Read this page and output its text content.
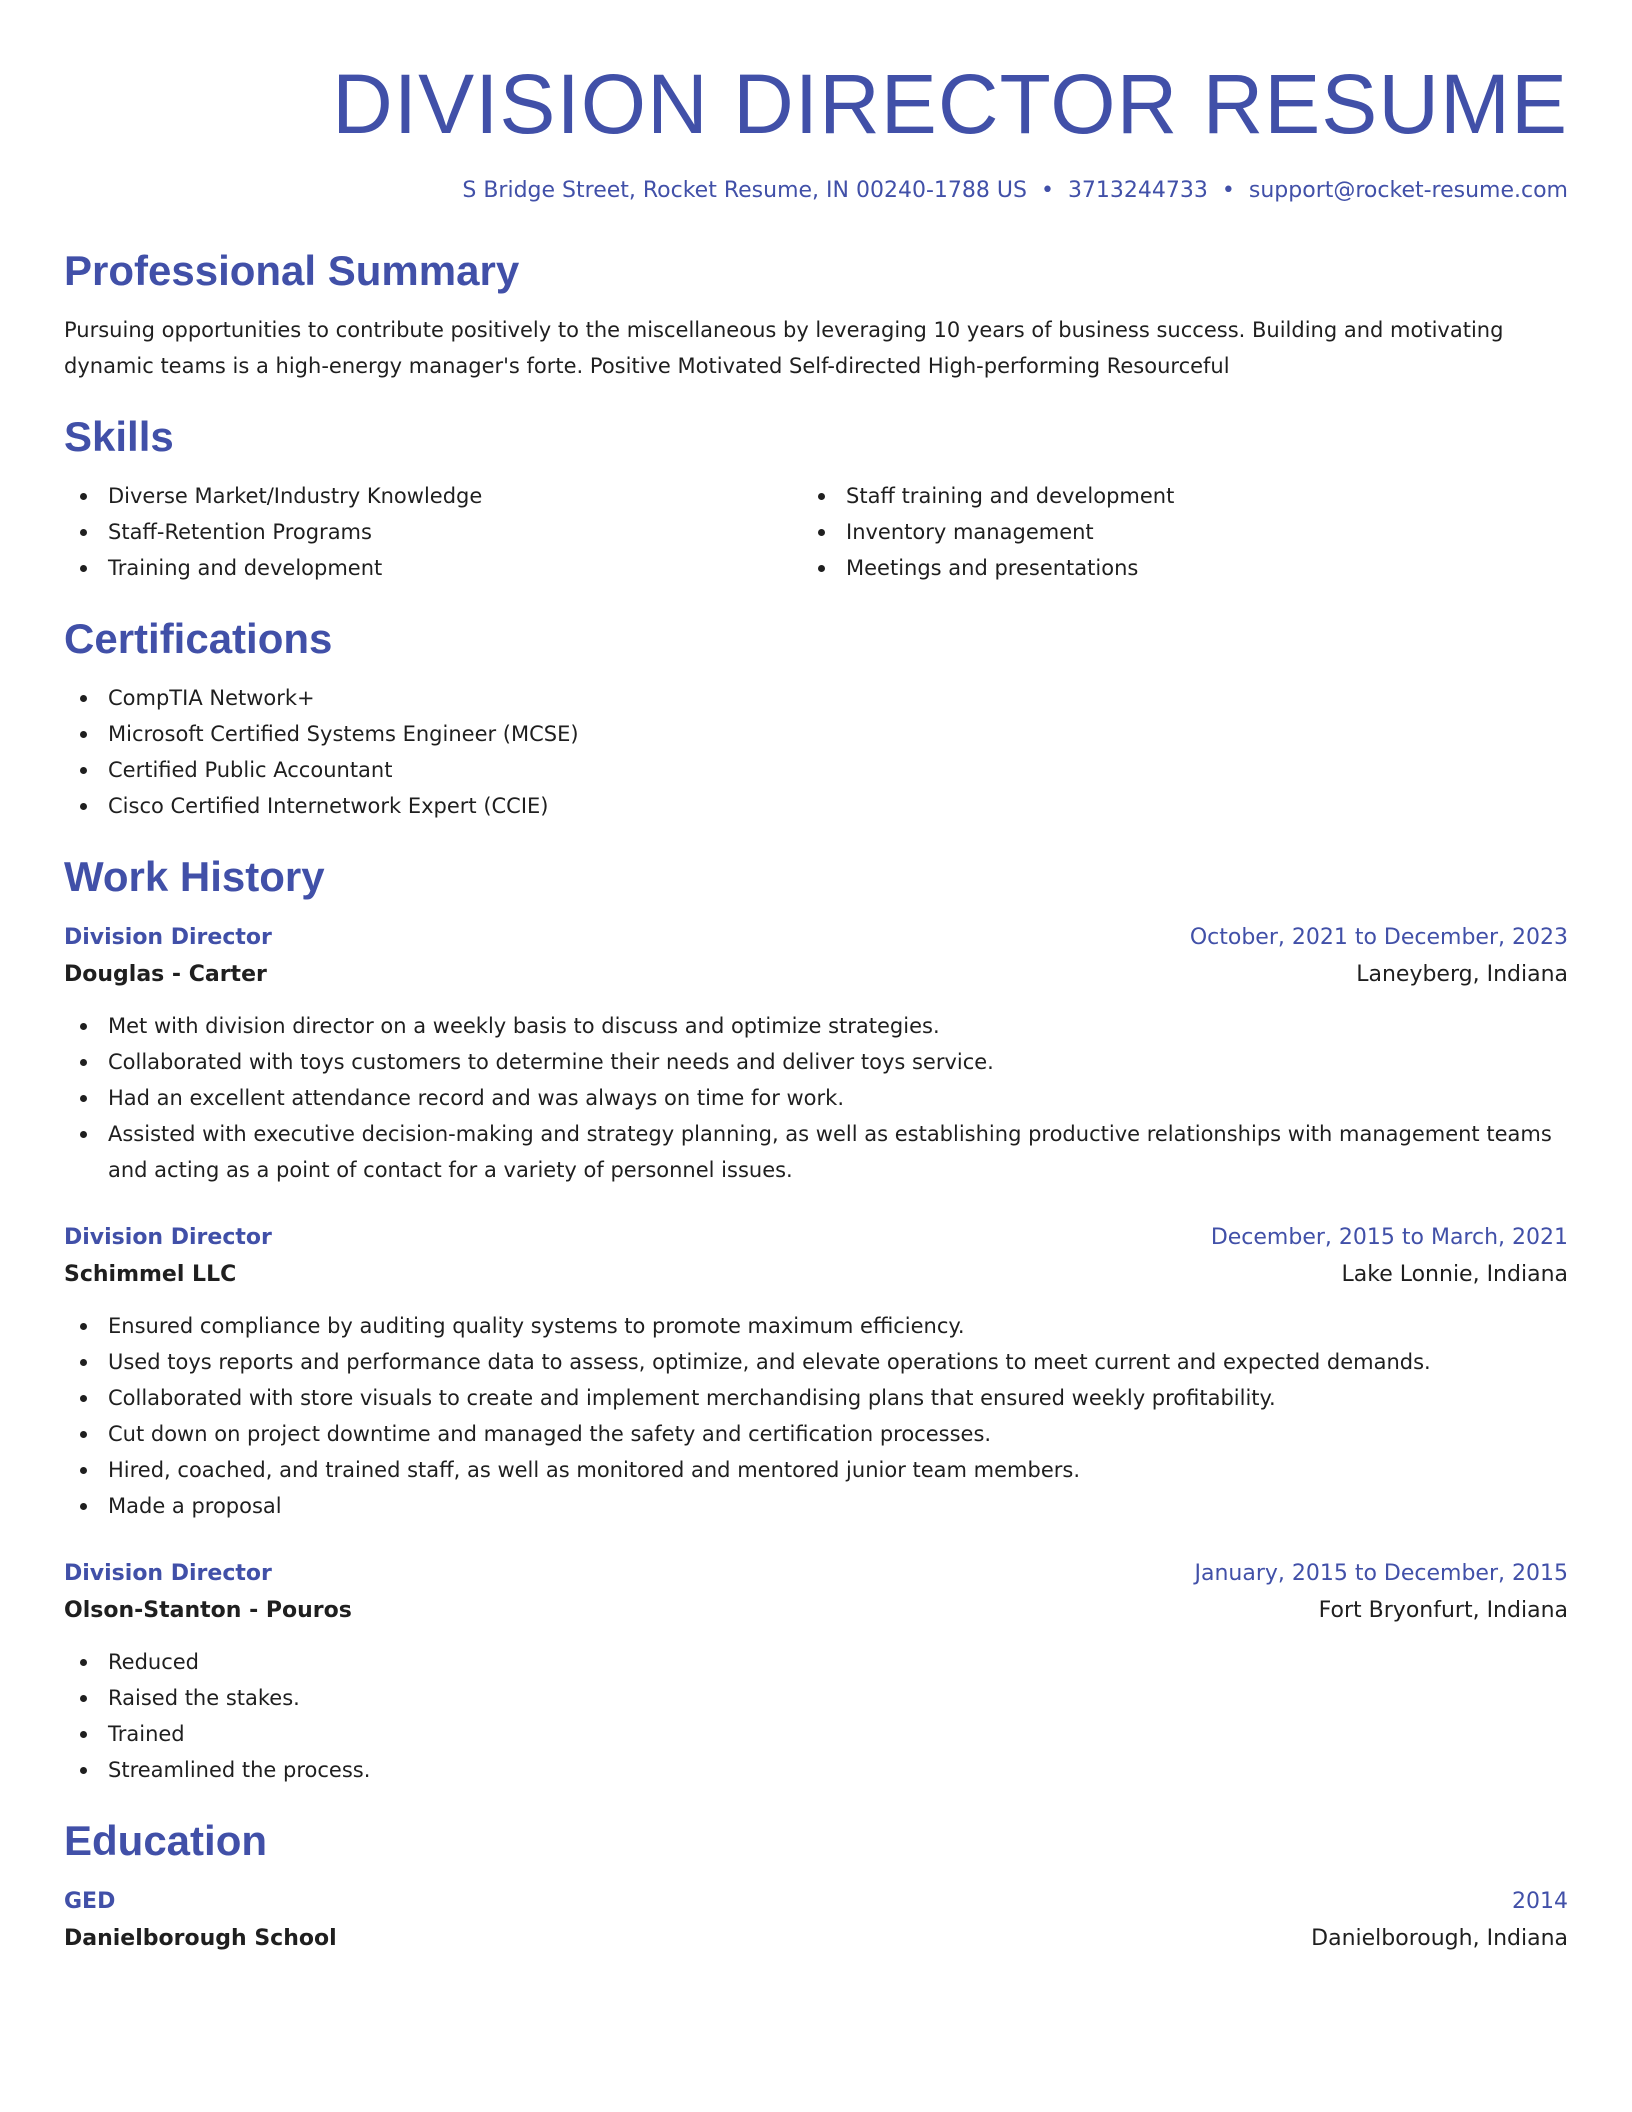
DIVISION DIRECTOR RESUME
S Bridge Street, Rocket Resume, IN 00240-1788 US • 3713244733 • support@rocket-resume.com
Professional Summary

Pursuing opportunities to contribute positively to the miscellaneous by leveraging 10 years of business success. Building and motivating dynamic teams is a high-energy manager's forte. Positive Motivated Self-directed High-performing Resourceful

Skills
Diverse Market/Industry Knowledge
Staff-Retention Programs
Training and development
Staff training and development
Inventory management
Meetings and presentations
Certifications
CompTIA Network+
Microsoft Certified Systems Engineer (MCSE)
Certified Public Accountant
Cisco Certified Internetwork Expert (CCIE)
Work History
Division Director	October, 2021 to December, 2023
Douglas - Carter	Laneyberg, Indiana
Met with division director on a weekly basis to discuss and optimize strategies.
Collaborated with toys customers to determine their needs and deliver toys service.
Had an excellent attendance record and was always on time for work.
Assisted with executive decision-making and strategy planning, as well as establishing productive relationships with management teams and acting as a point of contact for a variety of personnel issues.
Division Director	December, 2015 to March, 2021
Schimmel LLC	Lake Lonnie, Indiana
Ensured compliance by auditing quality systems to promote maximum efficiency.
Used toys reports and performance data to assess, optimize, and elevate operations to meet current and expected demands.
Collaborated with store visuals to create and implement merchandising plans that ensured weekly profitability.
Cut down on project downtime and managed the safety and certification processes.
Hired, coached, and trained staff, as well as monitored and mentored junior team members.
Made a proposal
Division Director	January, 2015 to December, 2015
Olson-Stanton - Pouros	Fort Bryonfurt, Indiana
Reduced
Raised the stakes.
Trained
Streamlined the process.
Education
GED	2014
Danielborough School	Danielborough, Indiana
